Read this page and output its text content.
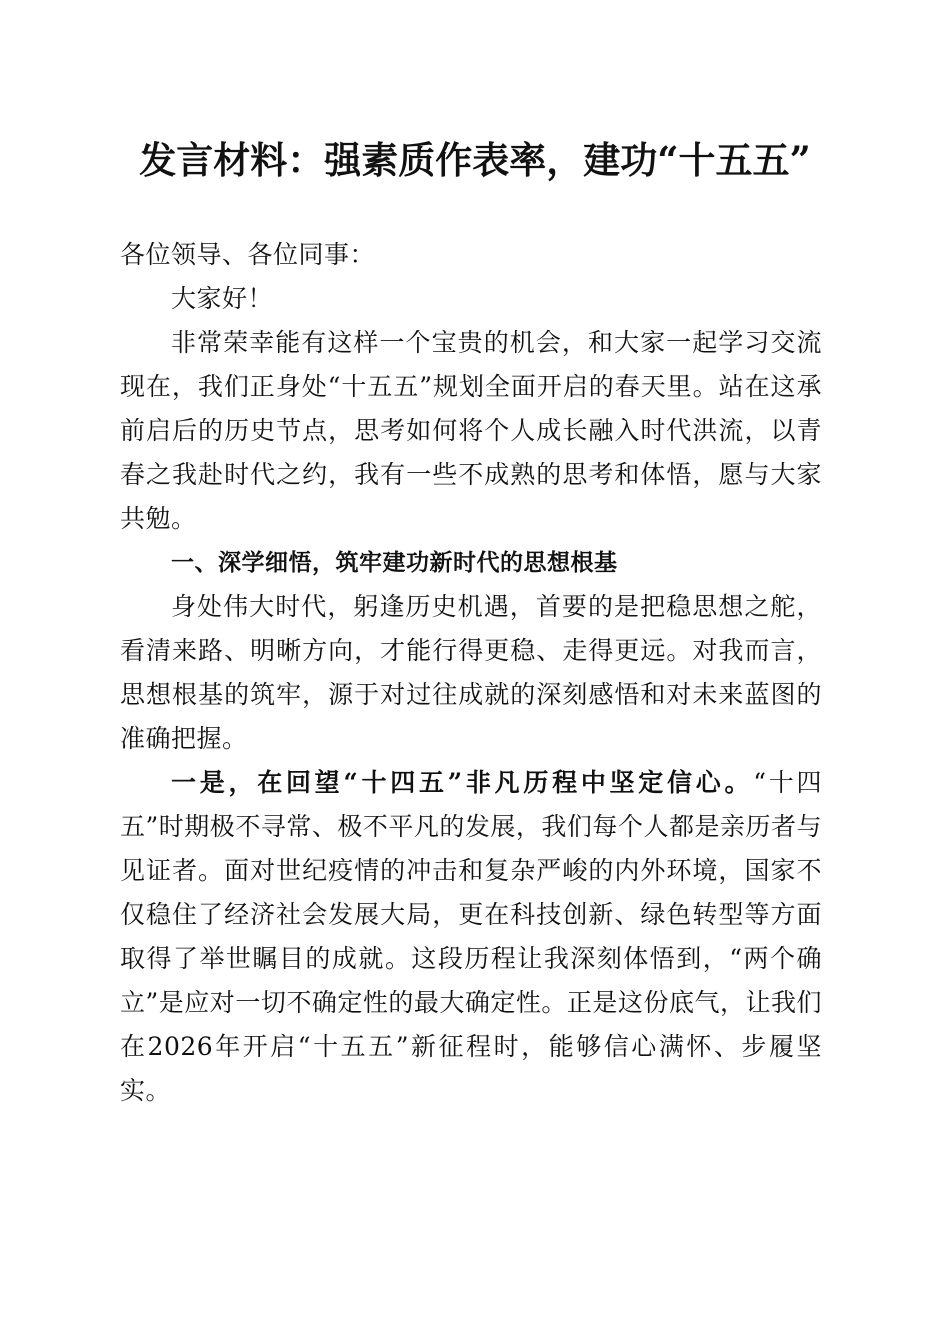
发言材料：强素质作表率，建功“十五五”

各位领导、各位同事：

大家好！

非常荣幸能有这样一个宝贵的机会，和大家一起学习交流现在，我们正身处“十五五”规划全面开启的春天里。站在这承前启后的历史节点，思考如何将个人成长融入时代洪流，以青春之我赴时代之约，我有一些不成熟的思考和体悟，愿与大家共勉。

一、深学细悟，筑牢建功新时代的思想根基

身处伟大时代，躬逢历史机遇，首要的是把稳思想之舵，看清来路、明晰方向，才能行得更稳、走得更远。对我而言，思想根基的筑牢，源于对过往成就的深刻感悟和对未来蓝图的准确把握。

一是，在回望“十四五”非凡历程中坚定信心。“十四五”时期极不寻常、极不平凡的发展，我们每个人都是亲历者与见证者。面对世纪疫情的冲击和复杂严峻的内外环境，国家不仅稳住了经济社会发展大局，更在科技创新、绿色转型等方面取得了举世瞩目的成就。这段历程让我深刻体悟到，“两个确立”是应对一切不确定性的最大确定性。正是这份底气，让我们在2026年开启“十五五”新征程时，能够信心满怀、步履坚实。
